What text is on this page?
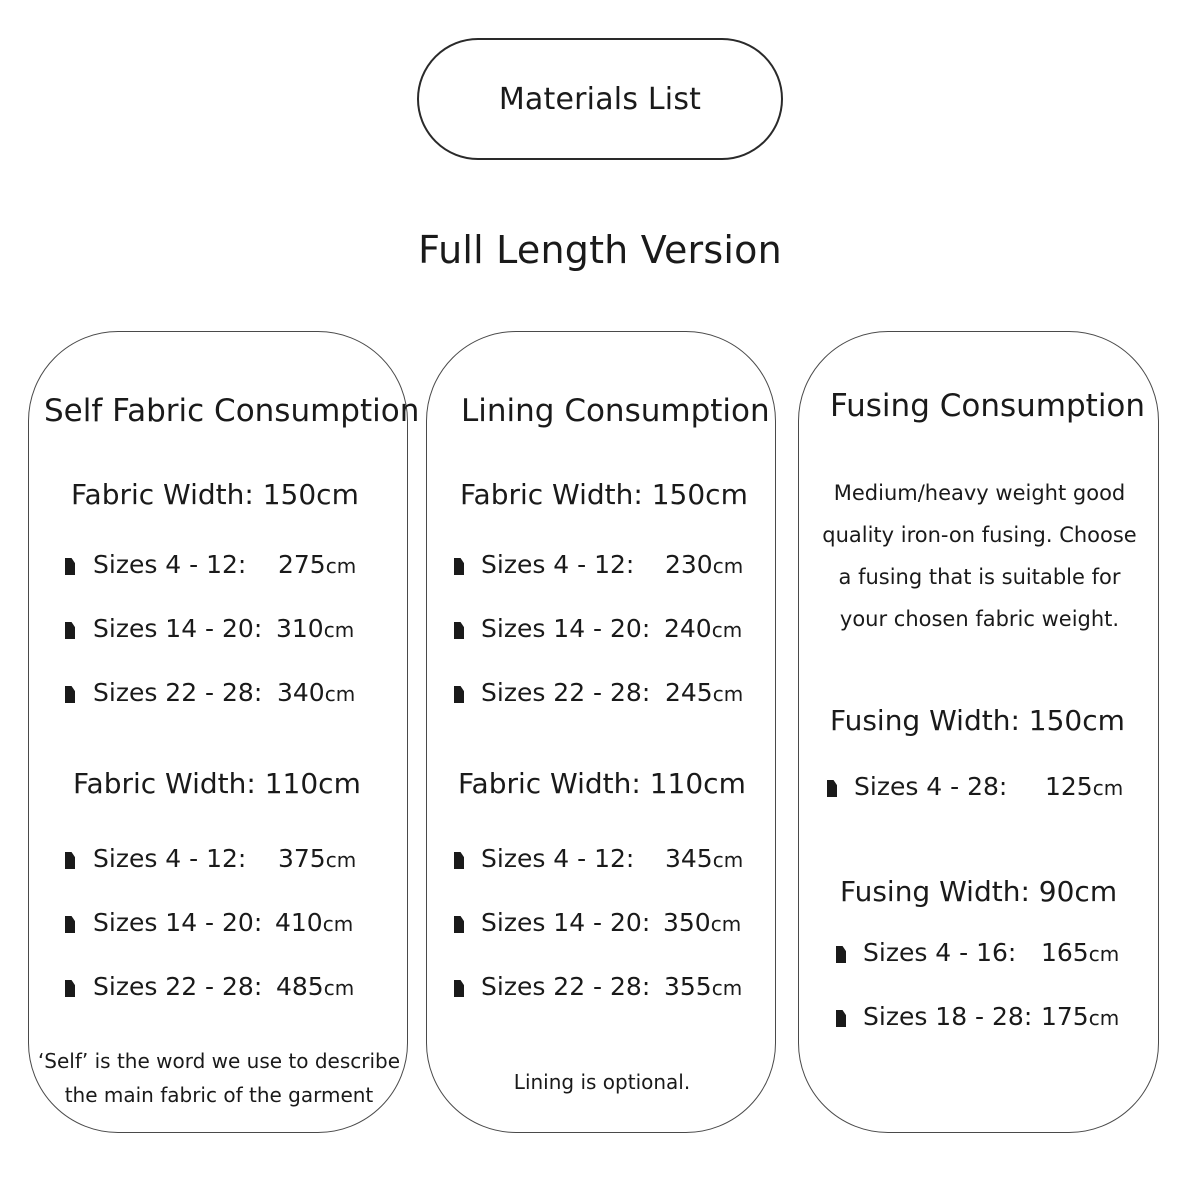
Materials List
Full Length Version
Self Fabric Consumption
Fabric Width: 150cm
Sizes 4 - 12: 275cm
Sizes 14 - 20: 310cm
Sizes 22 - 28: 340cm
Fabric Width: 110cm
Sizes 4 - 12: 375cm
Sizes 14 - 20: 410cm
Sizes 22 - 28: 485cm
‘Self’ is the word we use to describe
the main fabric of the garment
Lining Consumption
Fabric Width: 150cm
Sizes 4 - 12: 230cm
Sizes 14 - 20: 240cm
Sizes 22 - 28: 245cm
Fabric Width: 110cm
Sizes 4 - 12: 345cm
Sizes 14 - 20: 350cm
Sizes 22 - 28: 355cm
Lining is optional.
Fusing Consumption
Medium/heavy weight good
quality iron-on fusing. Choose
a fusing that is suitable for
your chosen fabric weight.
Fusing Width: 150cm
Sizes 4 - 28: 125cm
Fusing Width: 90cm
Sizes 4 - 16: 165cm
Sizes 18 - 28: 175cm
